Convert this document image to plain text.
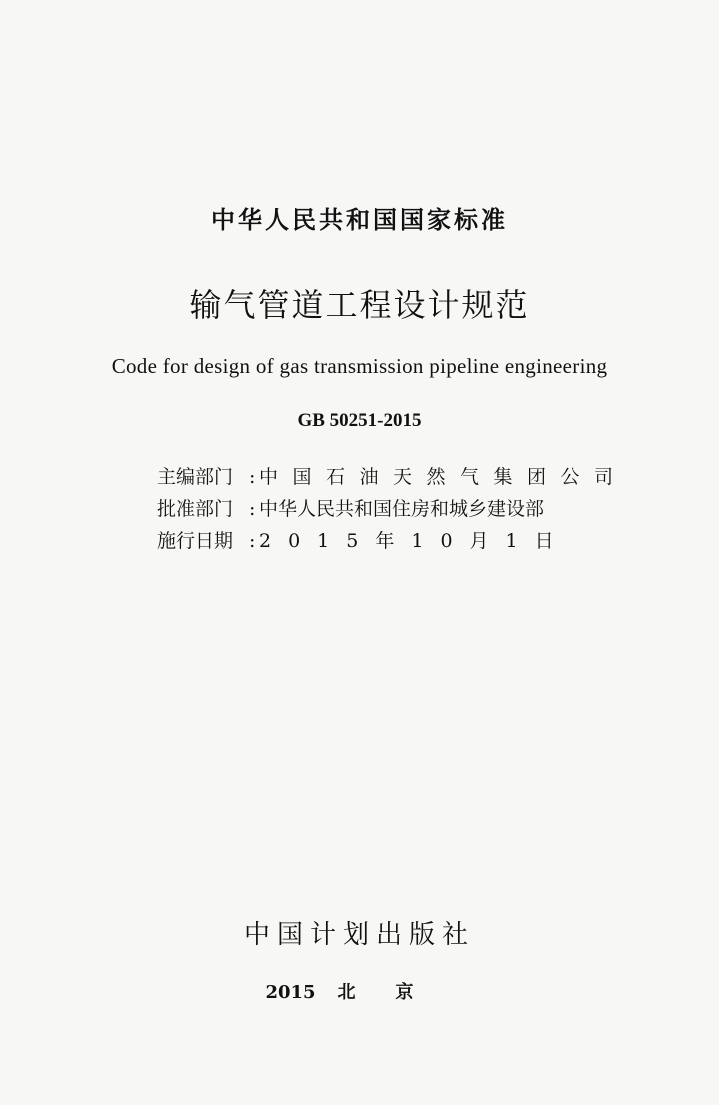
中华人民共和国国家标准
输气管道工程设计规范
Code for design of gas transmission pipeline engineering
GB 50251-2015
主编部门 : 中国石油天然气集团公司
批准部门 : 中华人民共和国住房和城乡建设部
施行日期 : 2015年10月1日
中国计划出版社
2015 北京
